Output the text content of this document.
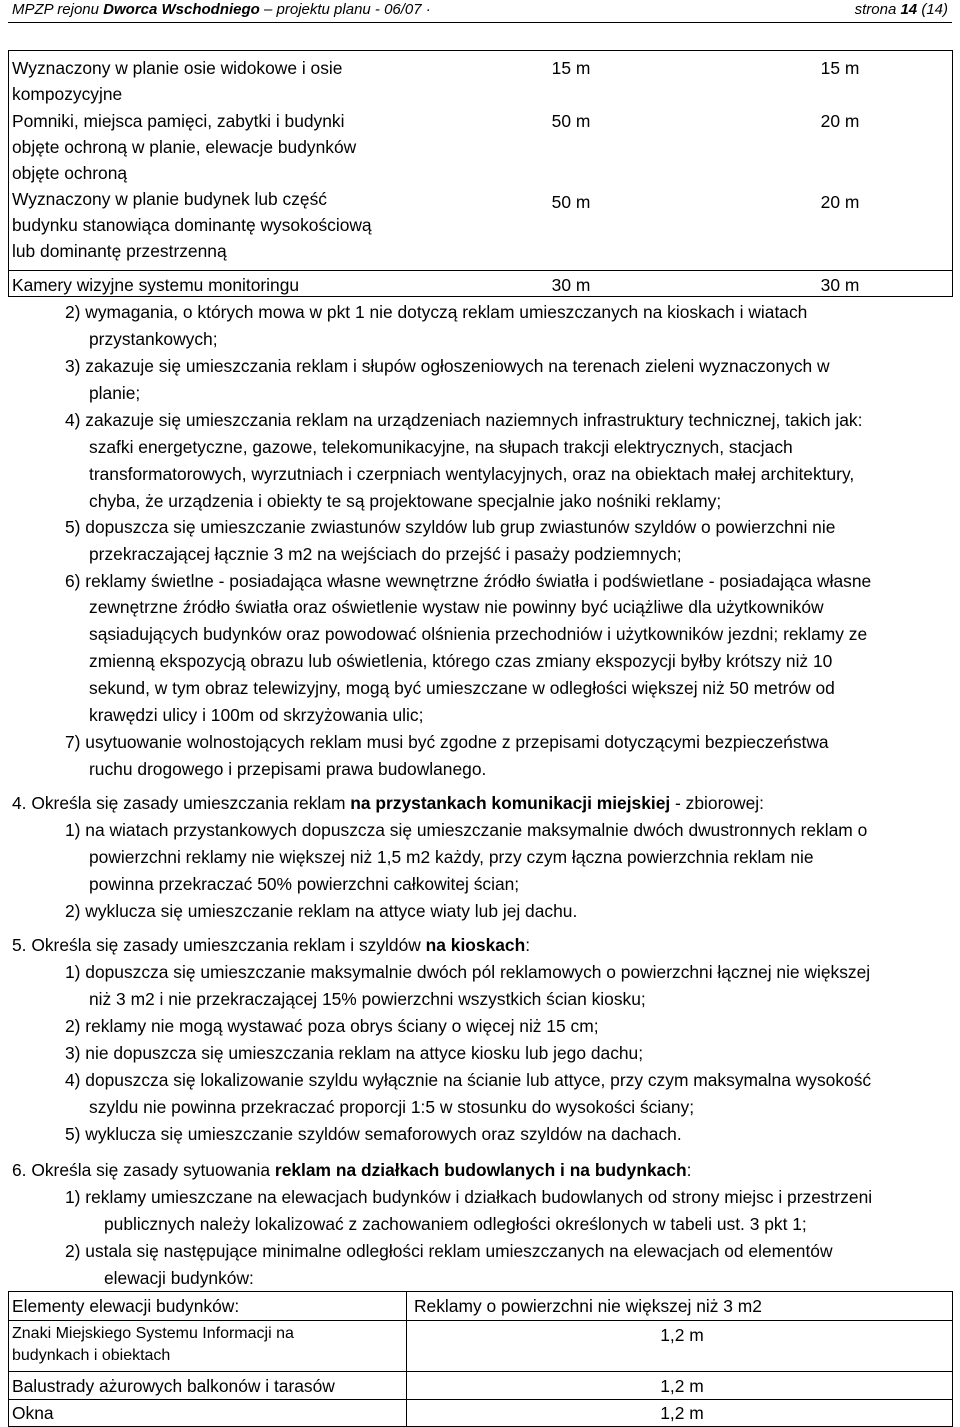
MPZP rejonu Dworca Wschodniego – projektu planu - 06/07 ·	strona 14 (14)
Wyznaczony w planie osie widokowe i osie
kompozycyjne
15 m	15 m
Pomniki, miejsca pamięci, zabytki i budynki
objęte ochroną w planie, elewacje budynków
objęte ochroną
50 m	20 m
Wyznaczony w planie budynek lub część
budynku stanowiąca dominantę wysokościową
lub dominantę przestrzenną
50 m	20 m
Kamery wizyjne systemu monitoringu	30 m	30 m
2) wymagania, o których mowa w pkt 1 nie dotyczą reklam umieszczanych na kioskach i wiatach
przystankowych;
3) zakazuje się umieszczania reklam i słupów ogłoszeniowych na terenach zieleni wyznaczonych w
planie;
4) zakazuje się umieszczania reklam na urządzeniach naziemnych infrastruktury technicznej, takich jak:
szafki energetyczne, gazowe, telekomunikacyjne, na słupach trakcji elektrycznych, stacjach
transformatorowych, wyrzutniach i czerpniach wentylacyjnych, oraz na obiektach małej architektury,
chyba, że urządzenia i obiekty te są projektowane specjalnie jako nośniki reklamy;
5) dopuszcza się umieszczanie zwiastunów szyldów lub grup zwiastunów szyldów o powierzchni nie
przekraczającej łącznie 3 m2 na wejściach do przejść i pasaży podziemnych;
6) reklamy świetlne - posiadająca własne wewnętrzne źródło światła i podświetlane - posiadająca własne
zewnętrzne źródło światła oraz oświetlenie wystaw nie powinny być uciążliwe dla użytkowników
sąsiadujących budynków oraz powodować olśnienia przechodniów i użytkowników jezdni; reklamy ze
zmienną ekspozycją obrazu lub oświetlenia, którego czas zmiany ekspozycji byłby krótszy niż 10
sekund, w tym obraz telewizyjny, mogą być umieszczane w odległości większej niż 50 metrów od
krawędzi ulicy i 100m od skrzyżowania ulic;
7) usytuowanie wolnostojących reklam musi być zgodne z przepisami dotyczącymi bezpieczeństwa
ruchu drogowego i przepisami prawa budowlanego.
4. Określa się zasady umieszczania reklam na przystankach komunikacji miejskiej - zbiorowej:
1) na wiatach przystankowych dopuszcza się umieszczanie maksymalnie dwóch dwustronnych reklam o
powierzchni reklamy nie większej niż 1,5 m2 każdy, przy czym łączna powierzchnia reklam nie
powinna przekraczać 50% powierzchni całkowitej ścian;
2) wyklucza się umieszczanie reklam na attyce wiaty lub jej dachu.
5. Określa się zasady umieszczania reklam i szyldów na kioskach:
1) dopuszcza się umieszczanie maksymalnie dwóch pól reklamowych o powierzchni łącznej nie większej
niż 3 m2 i nie przekraczającej 15% powierzchni wszystkich ścian kiosku;
2) reklamy nie mogą wystawać poza obrys ściany o więcej niż 15 cm;
3) nie dopuszcza się umieszczania reklam na attyce kiosku lub jego dachu;
4) dopuszcza się lokalizowanie szyldu wyłącznie na ścianie lub attyce, przy czym maksymalna wysokość
szyldu nie powinna przekraczać proporcji 1:5 w stosunku do wysokości ściany;
5) wyklucza się umieszczanie szyldów semaforowych oraz szyldów na dachach.
6. Określa się zasady sytuowania reklam na działkach budowlanych i na budynkach:
1) reklamy umieszczane na elewacjach budynków i działkach budowlanych od strony miejsc i przestrzeni
publicznych należy lokalizować z zachowaniem odległości określonych w tabeli ust. 3 pkt 1;
2) ustala się następujące minimalne odległości reklam umieszczanych na elewacjach od elementów
elewacji budynków:
Elementy elewacji budynków:	Reklamy o powierzchni nie większej niż 3 m2
Znaki Miejskiego Systemu Informacji na
budynkach i obiektach
1,2 m
Balustrady ażurowych balkonów i tarasów	1,2 m
Okna	1,2 m
